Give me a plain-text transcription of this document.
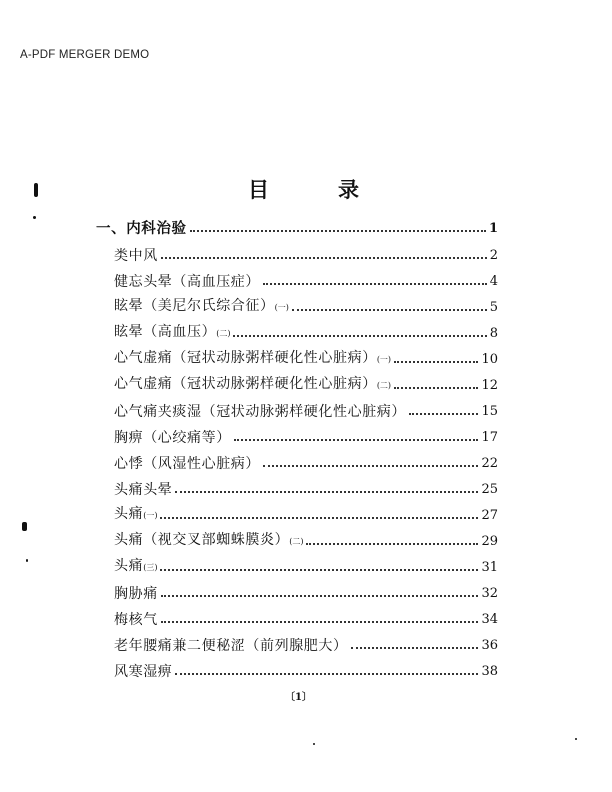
A-PDF MERGER DEMO
目	录
一、内科治验	1
类中风	2
健忘头晕（高血压症）	4
眩晕（美尼尔氏综合征）(一)	5
眩晕（高血压）(二)	8
心气虚痛（冠状动脉粥样硬化性心脏病）(一)	10
心气虚痛（冠状动脉粥样硬化性心脏病）(二)	12
心气痛夹痰湿（冠状动脉粥样硬化性心脏病）	15
胸痹（心绞痛等）	17
心悸（风湿性心脏病）	22
头痛头晕	25
头痛(一)	27
头痛（视交叉部蜘蛛膜炎）(二)	29
头痛(三)	31
胸胁痛	32
梅核气	34
老年腰痛兼二便秘涩（前列腺肥大）	36
风寒湿痹	38
〔1〕
